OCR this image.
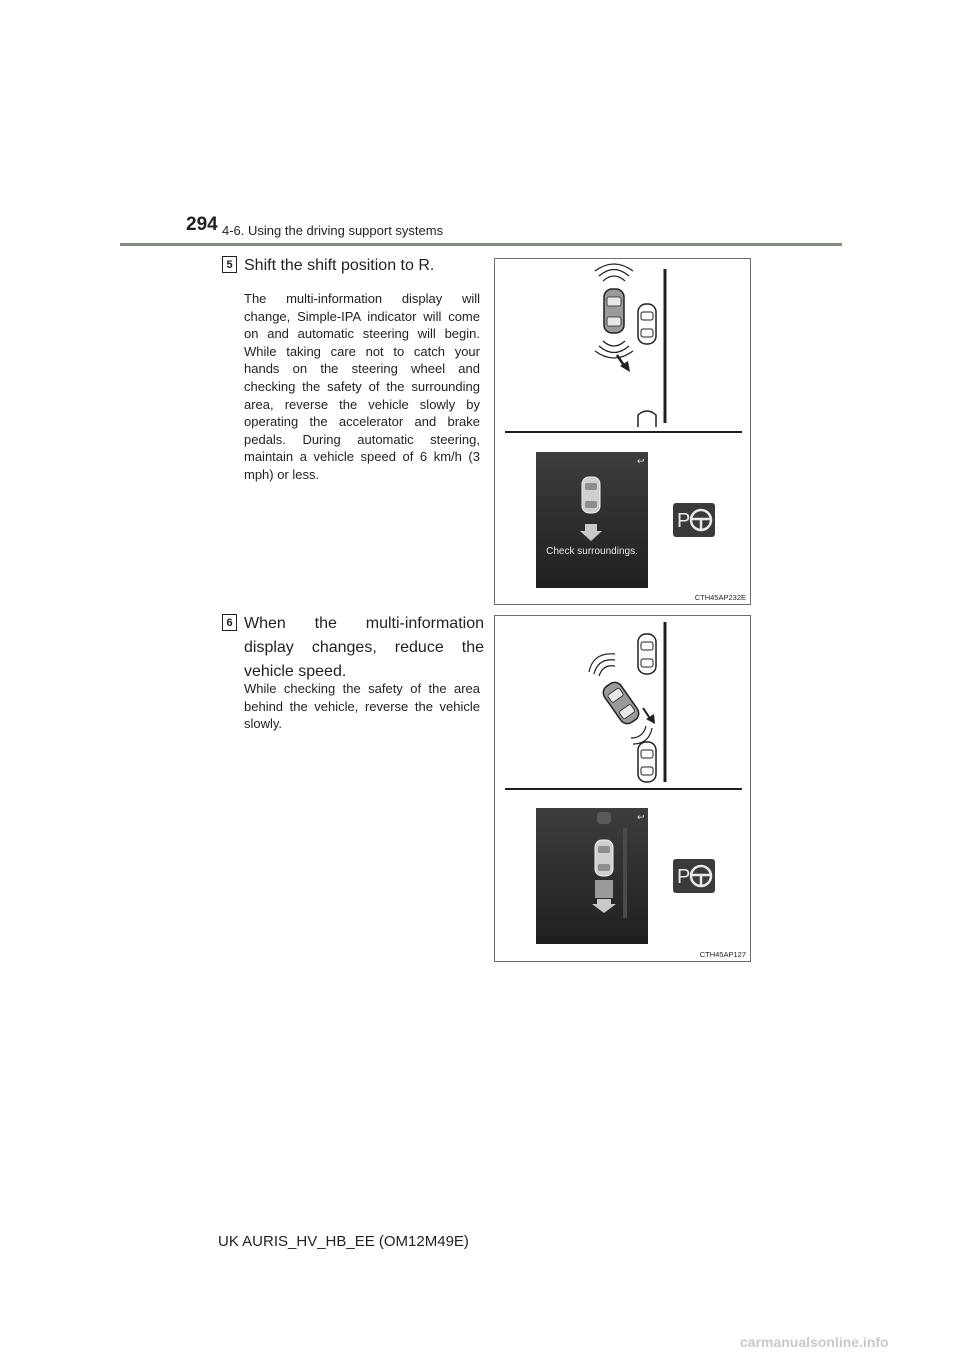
294 4-6. Using the driving support systems
5 Shift the shift position to R.
The multi-information display will change, Simple-IPA indicator will come on and automatic steering will begin. While taking care not to catch your hands on the steering wheel and checking the safety of the surrounding area, reverse the vehicle slowly by operating the accelerator and brake pedals. During automatic steering, maintain a vehicle speed of 6 km/h (3 mph) or less.
↩
Check surroundings.
P
CTH45AP232E
6 When the multi-information display changes, reduce the vehicle speed.
While checking the safety of the area behind the vehicle, reverse the vehicle slowly.
↩
P
CTH45AP127
UK AURIS_HV_HB_EE (OM12M49E)
carmanualsonline.info
